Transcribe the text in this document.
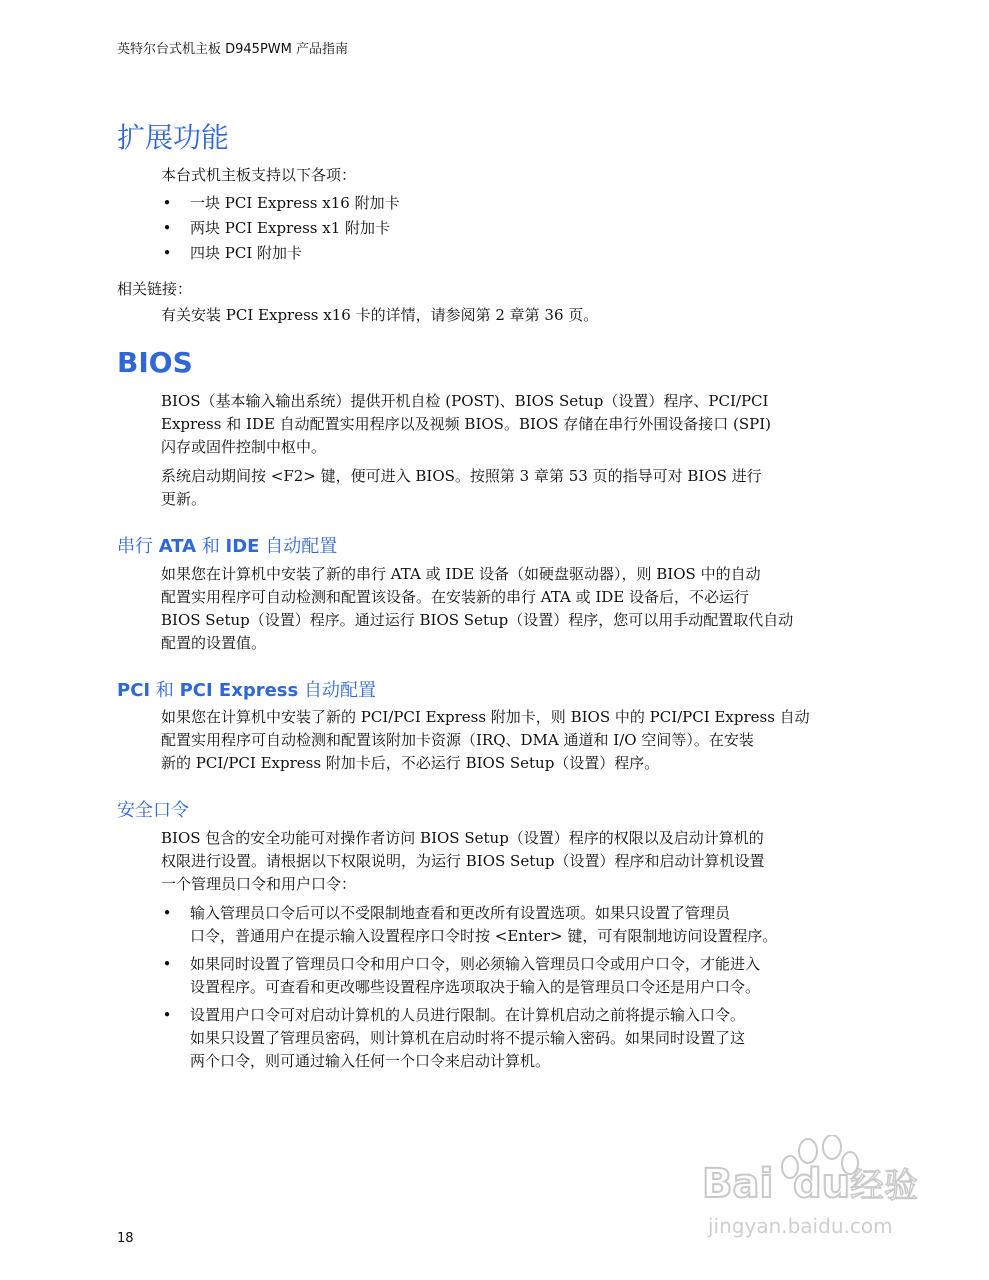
英特尔台式机主板 D945PWM 产品指南
扩展功能
本台式机主板支持以下各项：
• 一块 PCI Express x16 附加卡
• 两块 PCI Express x1 附加卡
• 四块 PCI 附加卡
相关链接：
有关安装 PCI Express x16 卡的详情，请参阅第 2 章第 36 页。
BIOS
BIOS（基本输入输出系统）提供开机自检 (POST)、BIOS Setup（设置）程序、PCI/PCI
Express 和 IDE 自动配置实用程序以及视频 BIOS。BIOS 存储在串行外围设备接口 (SPI)
闪存或固件控制中枢中。
系统启动期间按 <F2> 键，便可进入 BIOS。按照第 3 章第 53 页的指导可对 BIOS 进行
更新。
串行 ATA 和 IDE 自动配置
如果您在计算机中安装了新的串行 ATA 或 IDE 设备（如硬盘驱动器），则 BIOS 中的自动
配置实用程序可自动检测和配置该设备。在安装新的串行 ATA 或 IDE 设备后，不必运行
BIOS Setup（设置）程序。通过运行 BIOS Setup（设置）程序，您可以用手动配置取代自动
配置的设置值。
PCI 和 PCI Express 自动配置
如果您在计算机中安装了新的 PCI/PCI Express 附加卡，则 BIOS 中的 PCI/PCI Express 自动
配置实用程序可自动检测和配置该附加卡资源（IRQ、DMA 通道和 I/O 空间等）。在安装
新的 PCI/PCI Express 附加卡后，不必运行 BIOS Setup（设置）程序。
安全口令
BIOS 包含的安全功能可对操作者访问 BIOS Setup（设置）程序的权限以及启动计算机的
权限进行设置。请根据以下权限说明，为运行 BIOS Setup（设置）程序和启动计算机设置
一个管理员口令和用户口令：
• 输入管理员口令后可以不受限制地查看和更改所有设置选项。如果只设置了管理员
口令，普通用户在提示输入设置程序口令时按 <Enter> 键，可有限制地访问设置程序。
• 如果同时设置了管理员口令和用户口令，则必须输入管理员口令或用户口令，才能进入
设置程序。可查看和更改哪些设置程序选项取决于输入的是管理员口令还是用户口令。
• 设置用户口令可对启动计算机的人员进行限制。在计算机启动之前将提示输入口令。
如果只设置了管理员密码，则计算机在启动时将不提示输入密码。如果同时设置了这
两个口令，则可通过输入任何一个口令来启动计算机。
18
Bai du 经验
jingyan.baidu.com
